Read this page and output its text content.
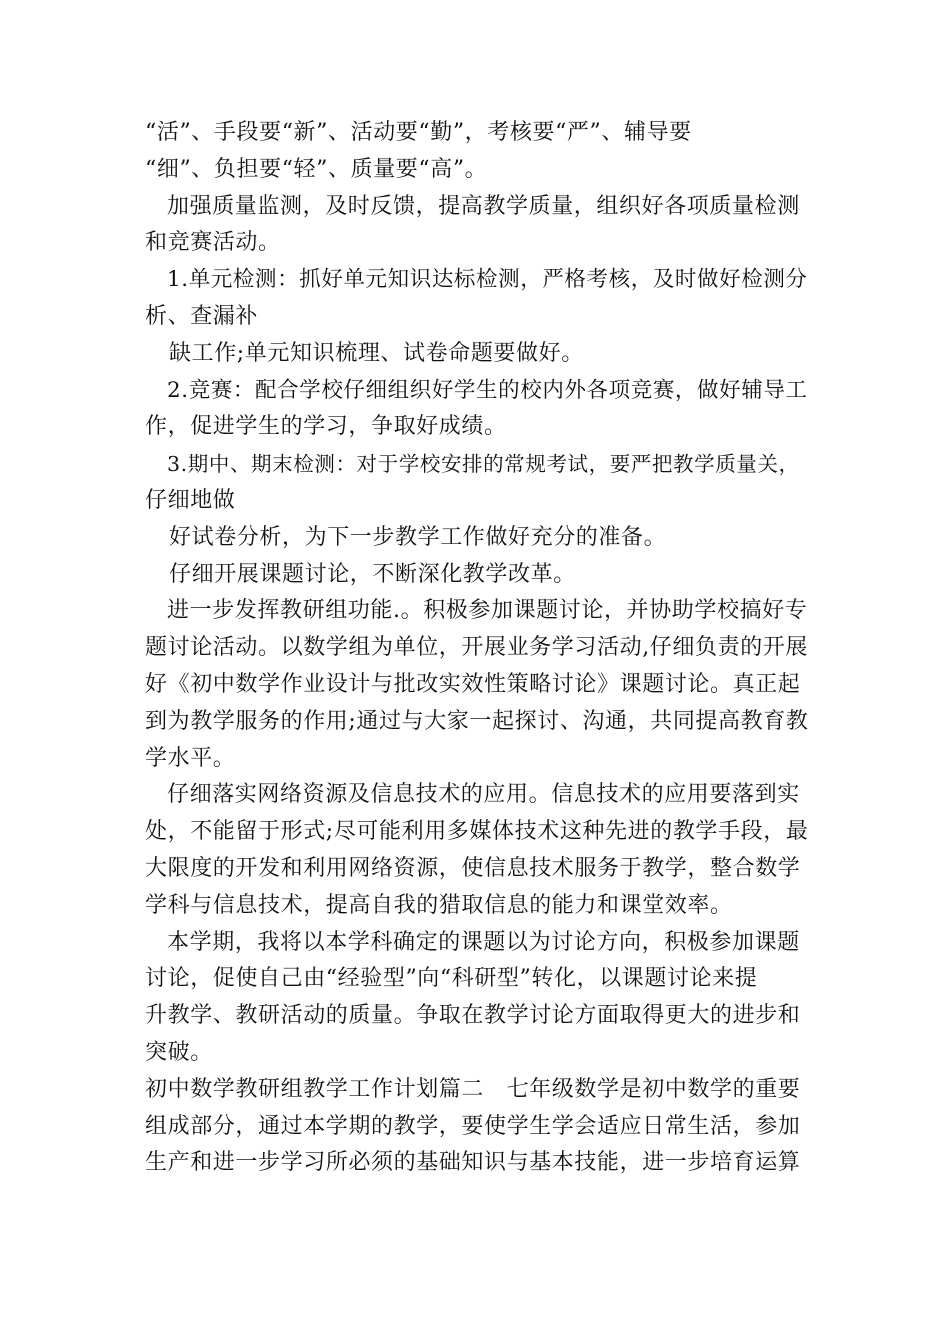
“活”、手段要“新”、活动要“勤”，考核要“严”、辅导要
“细”、负担要“轻”、质量要“高”。
加强质量监测，及时反馈，提高教学质量，组织好各项质量检测
和竞赛活动。
1.单元检测：抓好单元知识达标检测，严格考核，及时做好检测分
析、查漏补
缺工作;单元知识梳理、试卷命题要做好。
2.竞赛：配合学校仔细组织好学生的校内外各项竞赛，做好辅导工
作，促进学生的学习，争取好成绩。
3.期中、期末检测：对于学校安排的常规考试，要严把教学质量关，
仔细地做
好试卷分析，为下一步教学工作做好充分的准备。
仔细开展课题讨论，不断深化教学改革。
进一步发挥教研组功能.。积极参加课题讨论，并协助学校搞好专
题讨论活动。以数学组为单位，开展业务学习活动,仔细负责的开展
好《初中数学作业设计与批改实效性策略讨论》课题讨论。真正起
到为教学服务的作用;通过与大家一起探讨、沟通，共同提高教育教
学水平。
仔细落实网络资源及信息技术的应用。信息技术的应用要落到实
处，不能留于形式;尽可能利用多媒体技术这种先进的教学手段，最
大限度的开发和利用网络资源，使信息技术服务于教学，整合数学
学科与信息技术，提高自我的猎取信息的能力和课堂效率。
本学期，我将以本学科确定的课题以为讨论方向，积极参加课题
讨论，促使自己由“经验型”向“科研型”转化，以课题讨论来提
升教学、教研活动的质量。争取在教学讨论方面取得更大的进步和
突破。
初中数学教研组教学工作计划篇二　七年级数学是初中数学的重要
组成部分，通过本学期的教学，要使学生学会适应日常生活，参加
生产和进一步学习所必须的基础知识与基本技能，进一步培育运算
